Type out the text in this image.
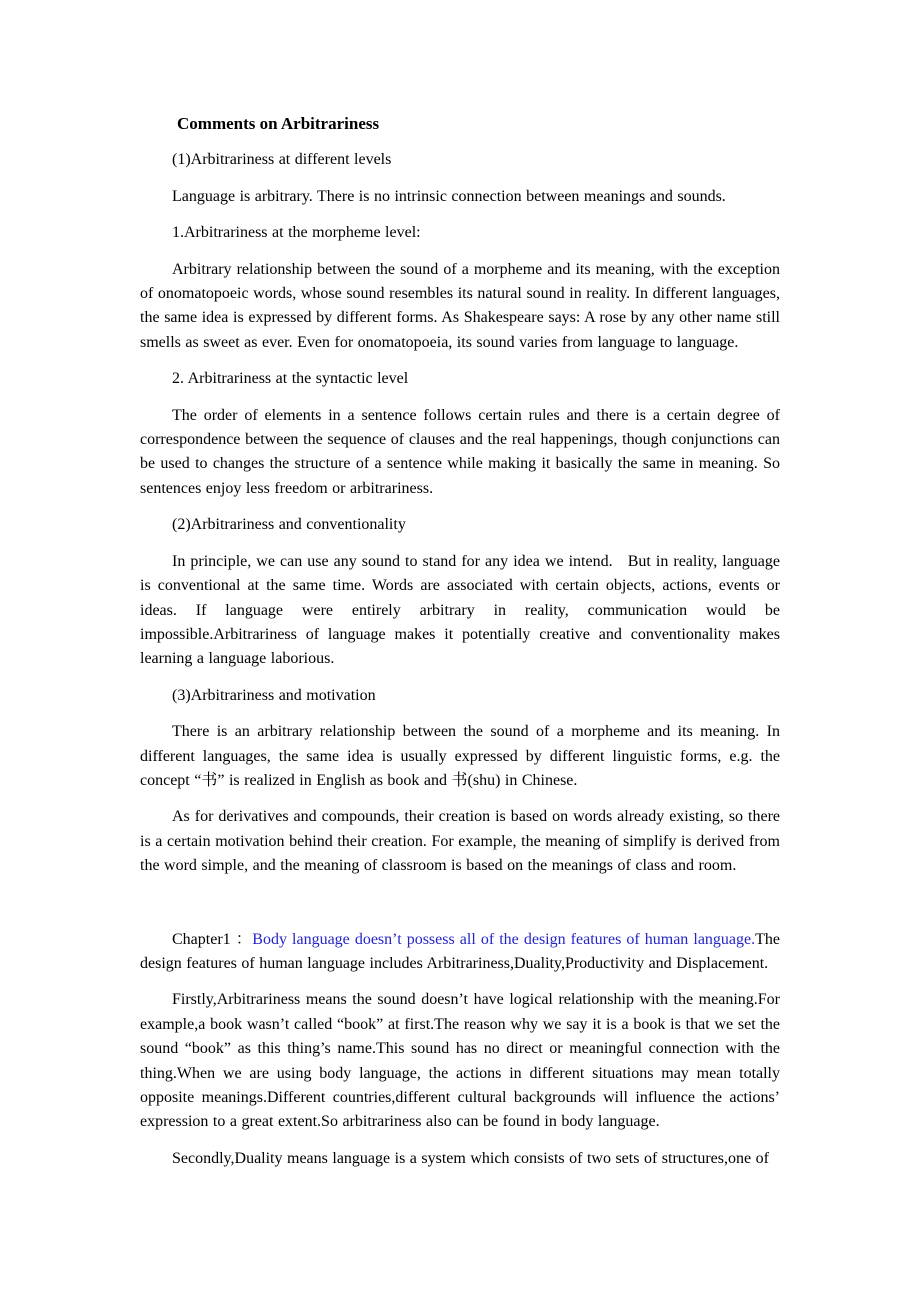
Comments on Arbitrariness

(1)Arbitrariness at different levels

Language is arbitrary. There is no intrinsic connection between meanings and sounds.

1.Arbitrariness at the morpheme level:

Arbitrary relationship between the sound of a morpheme and its meaning, with the exception of onomatopoeic words, whose sound resembles its natural sound in reality. In different languages, the same idea is expressed by different forms. As Shakespeare says: A rose by any other name still smells as sweet as ever. Even for onomatopoeia, its sound varies from language to language.

2. Arbitrariness at the syntactic level

The order of elements in a sentence follows certain rules and there is a certain degree of correspondence between the sequence of clauses and the real happenings, though conjunctions can be used to changes the structure of a sentence while making it basically the same in meaning. So sentences enjoy less freedom or arbitrariness.

(2)Arbitrariness and conventionality

In principle, we can use any sound to stand for any idea we intend.   But in reality, language is conventional at the same time. Words are associated with certain objects, actions, events or ideas. If language were entirely arbitrary in reality, communication would be impossible.Arbitrariness of language makes it potentially creative and conventionality makes learning a language laborious.

(3)Arbitrariness and motivation

There is an arbitrary relationship between the sound of a morpheme and its meaning. In different languages, the same idea is usually expressed by different linguistic forms, e.g. the concept “书” is realized in English as book and 书(shu) in Chinese.

As for derivatives and compounds, their creation is based on words already existing, so there is a certain motivation behind their creation. For example, the meaning of simplify is derived from the word simple, and the meaning of classroom is based on the meanings of class and room.

Chapter1 ：Body language doesn’t possess all of the design features of human language.The design features of human language includes Arbitrariness,Duality,Productivity and Displacement.

Firstly,Arbitrariness means the sound doesn’t have logical relationship with the meaning.For example,a book wasn’t called “book” at first.The reason why we say it is a book is that we set the sound “book” as this thing’s name.This sound has no direct or meaningful connection with the thing.When we are using body language, the actions in different situations may mean totally opposite meanings.Different countries,different cultural backgrounds will influence the actions’ expression to a great extent.So arbitrariness also can be found in body language.

Secondly,Duality means language is a system which consists of two sets of structures,one of
